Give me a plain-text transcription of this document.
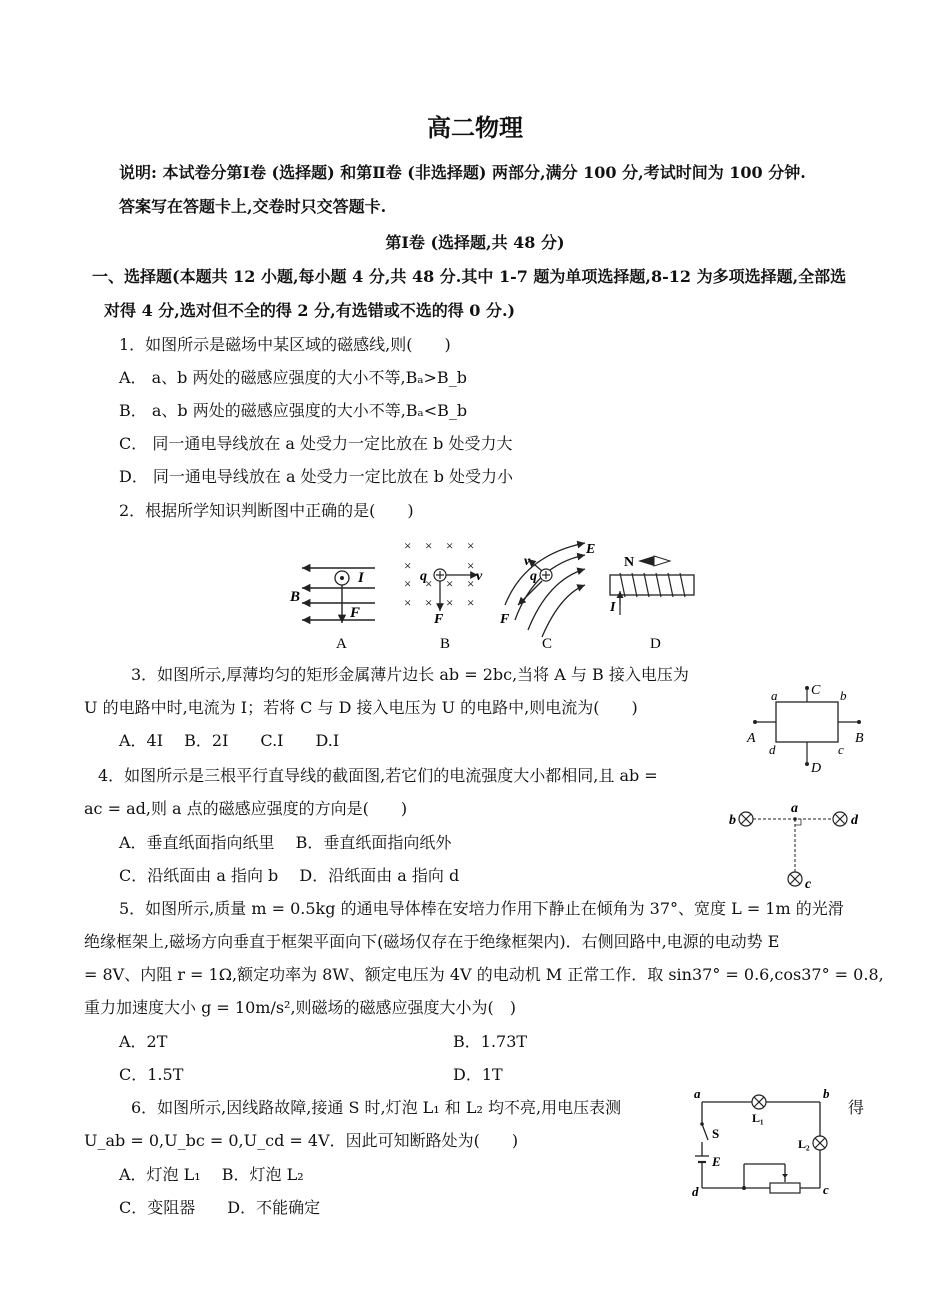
高二物理
说明: 本试卷分第Ⅰ卷 (选择题) 和第Ⅱ卷 (非选择题) 两部分,满分 100 分,考试时间为 100 分钟.
答案写在答题卡上,交卷时只交答题卡.
第Ⅰ卷 (选择题,共 48 分)
一、选择题(本题共 12 小题,每小题 4 分,共 48 分.其中 1-7 题为单项选择题,8-12 为多项选择题,全部选
对得 4 分,选对但不全的得 2 分,有选错或不选的得 0 分.)
1．如图所示是磁场中某区域的磁感线,则(　　)
A． a、b 两处的磁感应强度的大小不等,Bₐ>B_b
B． a、b 两处的磁感应强度的大小不等,Bₐ<B_b
C． 同一通电导线放在 a 处受力一定比放在 b 处受力大
D． 同一通电导线放在 a 处受力一定比放在 b 处受力小
2．根据所学知识判断图中正确的是(　　)
I
B
F
A
× × × ×
×	×
× × × ×
× × × ×
q	v
F
B
E
v
q
F
C
N
I
D
3．如图所示,厚薄均匀的矩形金属薄片边长 ab = 2bc,当将 A 与 B 接入电压为
U 的电路中时,电流为 I；若将 C 与 D 接入电压为 U 的电路中,则电流为(　　)
A．4I　 B．2I　　C.I　　D.I
C
D
A	B
a	b
c
d
4．如图所示是三根平行直导线的截面图,若它们的电流强度大小都相同,且 ab =
ac = ad,则 a 点的磁感应强度的方向是(　　)
A．垂直纸面指向纸里　 B．垂直纸面指向纸外
C．沿纸面由 a 指向 b　 D．沿纸面由 a 指向 d
b
a
d
c
5．如图所示,质量 m = 0.5kg 的通电导体棒在安培力作用下静止在倾角为 37°、宽度 L = 1m 的光滑
绝缘框架上,磁场方向垂直于框架平面向下(磁场仅存在于绝缘框架内)．右侧回路中,电源的电动势 E
= 8V、内阻 r = 1Ω,额定功率为 8W、额定电压为 4V 的电动机 M 正常工作．取 sin37° = 0.6,cos37° = 0.8,
重力加速度大小 g = 10m/s²,则磁场的磁感应强度大小为(　)
A．2T	B．1.73T
C．1.5T	D．1T
6．如图所示,因线路故障,接通 S 时,灯泡 L₁ 和 L₂ 均不亮,用电压表测	得
U_ab = 0,U_bc = 0,U_cd = 4V．因此可知断路处为(　　)
A．灯泡 L₁　 B．灯泡 L₂
C．变阻器　　D．不能确定
a	b
c
d
S
E
L₁
L₂
